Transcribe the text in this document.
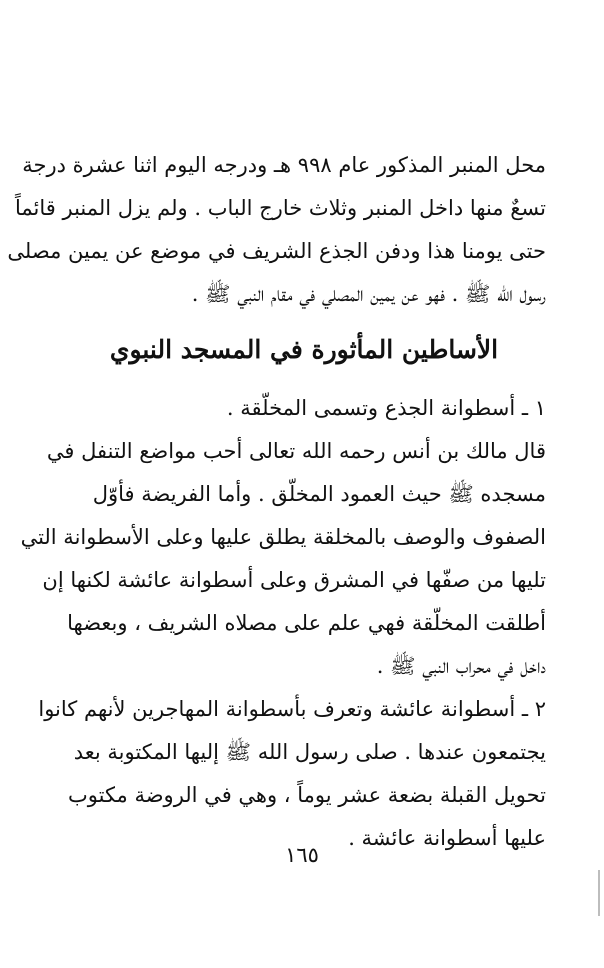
محل المنبر المذكور عام ٩٩٨ هـ ودرجه اليوم اثنا عشرة درجة
تسعٌ منها داخل المنبر وثلاث خارج الباب . ولم يزل المنبر قائماً
حتى يومنا هذا ودفن الجذع الشريف في موضع عن يمين مصلى
رسول الله ﷺ . فهو عن يمين المصلي في مقام النبي ﷺ .
الأساطين المأثورة في المسجد النبوي
١ ـ أسطوانة الجذع وتسمى المخلّقة .
قال مالك بن أنس رحمه الله تعالى أحب مواضع التنفل في
مسجده ﷺ حيث العمود المخلّق . وأما الفريضة فأوّل
الصفوف والوصف بالمخلقة يطلق عليها وعلى الأسطوانة التي
تليها من صفّها في المشرق وعلى أسطوانة عائشة لكنها إن
أطلقت المخلّقة فهي علم على مصلاه الشريف ، وبعضها
داخل في محراب النبي ﷺ .
٢ ـ أسطوانة عائشة وتعرف بأسطوانة المهاجرين لأنهم كانوا
يجتمعون عندها . صلى رسول الله ﷺ إليها المكتوبة بعد
تحويل القبلة بضعة عشر يوماً ، وهي في الروضة مكتوب
عليها أسطوانة عائشة .
١٦٥
